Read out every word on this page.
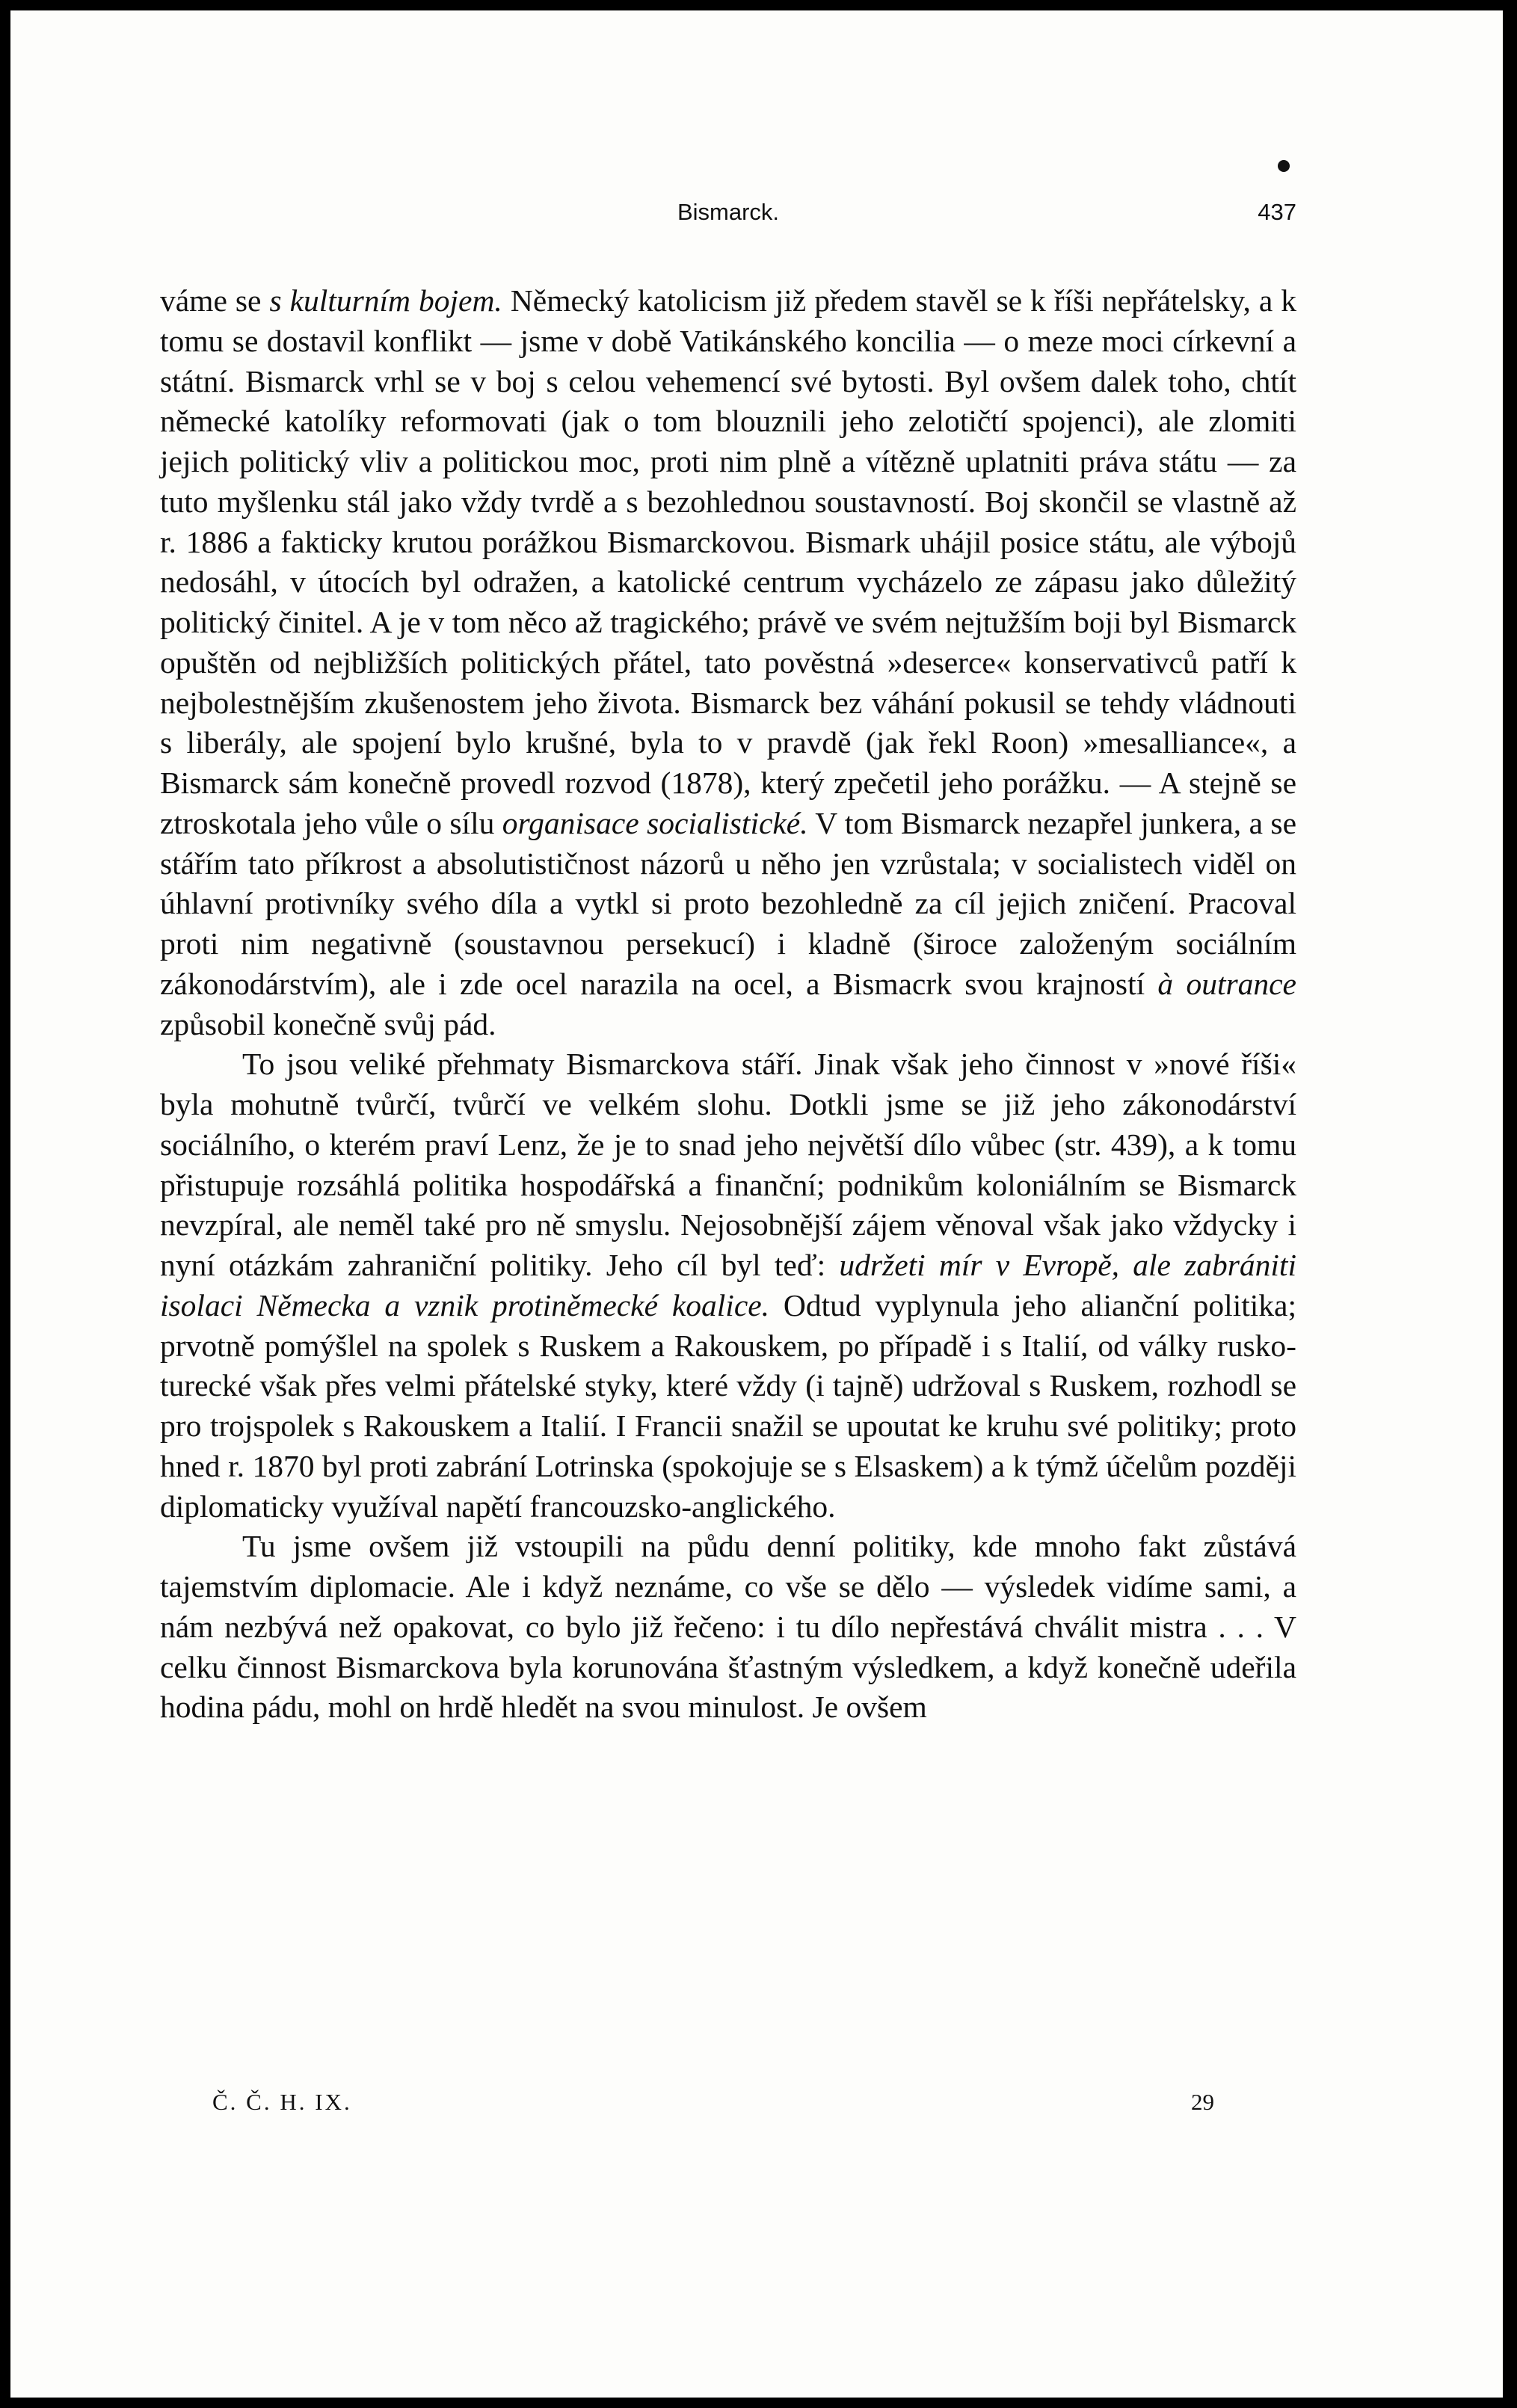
Bismarck.	437

váme se s kulturním bojem. Německý katolicism již předem stavěl se k říši nepřátelsky, a k tomu se dostavil konflikt — jsme v době Vatikánského koncilia — o meze moci církevní a státní. Bismarck vrhl se v boj s celou vehemencí své bytosti. Byl ovšem dalek toho, chtít německé katolíky reformovati (jak o tom blouznili jeho zelotičtí spojenci), ale zlomiti jejich politický vliv a politickou moc, proti nim plně a vítězně uplatniti práva státu — za tuto myšlenku stál jako vždy tvrdě a s bezohlednou soustavností. Boj skončil se vlastně až r. 1886 a fakticky krutou porážkou Bismarckovou. Bismark uhájil posice státu, ale výbojů nedosáhl, v útocích byl odražen, a katolické centrum vycházelo ze zápasu jako důležitý politický činitel. A je v tom něco až tragického; právě ve svém nejtužším boji byl Bismarck opuštěn od nejbližších politických přátel, tato pověstná »deserce« konservativců patří k nejbolestnějším zkušenostem jeho života. Bismarck bez váhání pokusil se tehdy vládnouti s liberály, ale spojení bylo krušné, byla to v pravdě (jak řekl Roon) »mesalliance«, a Bismarck sám konečně provedl rozvod (1878), který zpečetil jeho porážku. — A stejně se ztroskotala jeho vůle o sílu organisace socialistické. V tom Bismarck nezapřel junkera, a se stářím tato příkrost a absolutističnost názorů u něho jen vzrůstala; v socialistech viděl on úhlavní protivníky svého díla a vytkl si proto bezohledně za cíl jejich zničení. Pracoval proti nim negativně (soustavnou persekucí) i kladně (široce založeným sociálním zákonodárstvím), ale i zde ocel narazila na ocel, a Bismacrk svou krajností à outrance způsobil konečně svůj pád.

To jsou veliké přehmaty Bismarckova stáří. Jinak však jeho činnost v »nové říši« byla mohutně tvůrčí, tvůrčí ve velkém slohu. Dotkli jsme se již jeho zákonodárství sociálního, o kterém praví Lenz, že je to snad jeho největší dílo vůbec (str. 439), a k tomu přistupuje rozsáhlá politika hospodářská a finanční; podnikům koloniálním se Bismarck nevzpíral, ale neměl také pro ně smyslu. Nejosobnější zájem věnoval však jako vždycky i nyní otázkám zahraniční politiky. Jeho cíl byl teď: udržeti mír v Evropě, ale zabrániti isolaci Německa a vznik protiněmecké koalice. Odtud vyplynula jeho alianční politika; prvotně pomýšlel na spolek s Ruskem a Rakouskem, po případě i s Italií, od války rusko-turecké však přes velmi přátelské styky, které vždy (i tajně) udržoval s Ruskem, rozhodl se pro trojspolek s Rakouskem a Italií. I Francii snažil se upoutat ke kruhu své politiky; proto hned r. 1870 byl proti zabrání Lotrinska (spokojuje se s Elsaskem) a k týmž účelům později diplomaticky využíval napětí francouzsko-anglického.

Tu jsme ovšem již vstoupili na půdu denní politiky, kde mnoho fakt zůstává tajemstvím diplomacie. Ale i když neznáme, co vše se dělo — výsledek vidíme sami, a nám nezbývá než opakovat, co bylo již řečeno: i tu dílo nepřestává chválit mistra . . . V celku činnost Bismarckova byla korunována šťastným výsledkem, a když konečně udeřila hodina pádu, mohl on hrdě hledět na svou minulost. Je ovšem

Č. Č. H. IX.	29
